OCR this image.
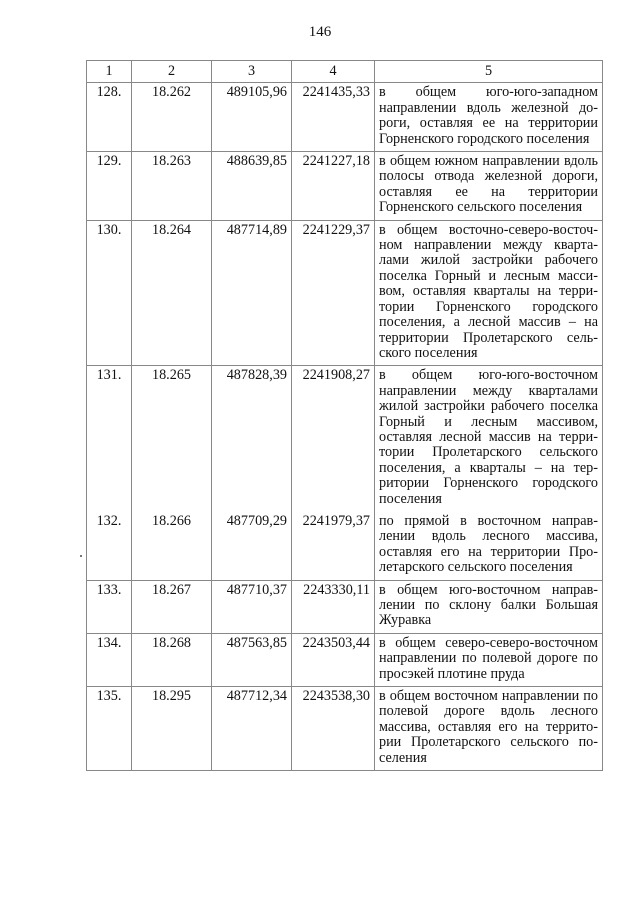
146
1	2	3	4	5
128.	18.262	489105,96	2241435,33	в общем юго-юго-западном направлении вдоль железной дороги, оставляя ее на территории Горненского городского поселения
129.	18.263	488639,85	2241227,18	в общем южном направлении вдоль полосы отвода железной дороги, оставляя ее на территории Горненского сельского поселения
130.	18.264	487714,89	2241229,37	в общем восточно-северо-восточном направлении между кварталами жилой застройки рабочего поселка Горный и лесным массивом, оставляя кварталы на территории Горненского городского поселения, а лесной массив – на территории Пролетарского сельского поселения
131.	18.265	487828,39	2241908,27	в общем юго-юго-восточном направлении между кварталами жилой застройки рабочего поселка Горный и лесным массивом, оставляя лесной массив на территории Пролетарского сельского поселения, а кварталы – на территории Горненского городского поселения
132.	18.266	487709,29	2241979,37	по прямой в восточном направлении вдоль лесного массива, оставляя его на территории Пролетарского сельского поселения
133.	18.267	487710,37	2243330,11	в общем юго-восточном направлении по склону балки Большая Журавка
134.	18.268	487563,85	2243503,44	в общем северо-северо-восточном направлении по полевой дороге по просэкей плотине пруда
135.	18.295	487712,34	2243538,30	в общем восточном направлении по полевой дороге вдоль лесного массива, оставляя его на территории Пролетарского сельского поселения
